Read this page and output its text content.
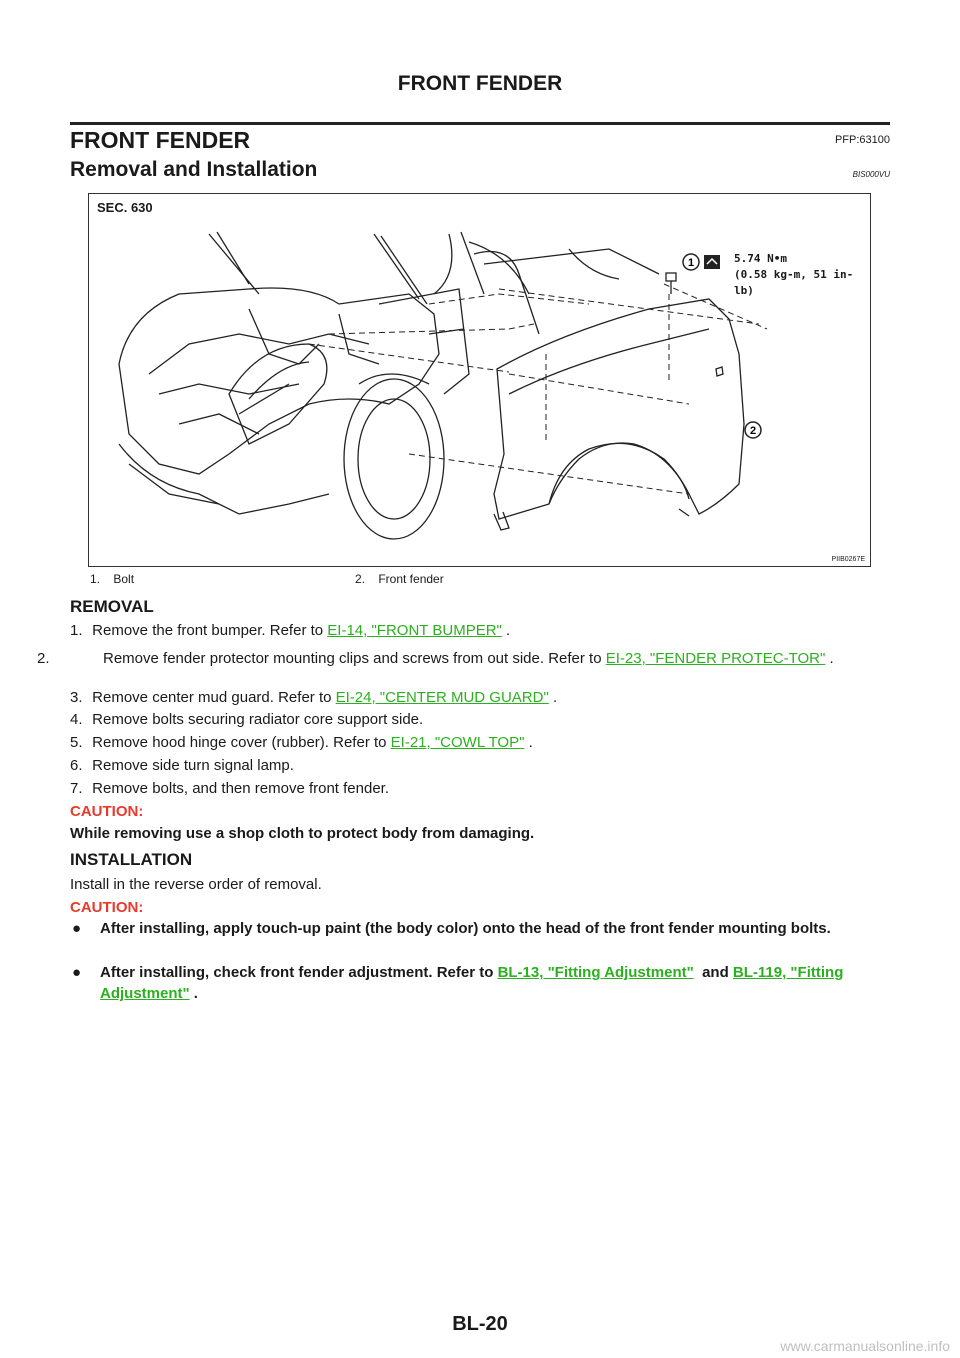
FRONT FENDER
FRONT FENDER	PFP:63100
Removal and Installation	BIS000VU
SEC. 630
1	5.74 N•m
(0.58 kg-m, 51 in-lb)
2
PIIB0267E
1.    Bolt	2.    Front fender
REMOVAL
1. Remove the front bumper. Refer to EI-14, "FRONT BUMPER" .
2.	Remove fender protector mounting clips and screws from out side. Refer to EI-23, "FENDER PROTEC-TOR" .
3. Remove center mud guard. Refer to EI-24, "CENTER MUD GUARD" .
4. Remove bolts securing radiator core support side.
5. Remove hood hinge cover (rubber). Refer to EI-21, "COWL TOP" .
6. Remove side turn signal lamp.
7. Remove bolts, and then remove front fender.
CAUTION:
While removing use a shop cloth to protect body from damaging.
INSTALLATION
Install in the reverse order of removal.
CAUTION:
● After installing, apply touch-up paint (the body color) onto the head of the front fender mounting bolts.
● After installing, check front fender adjustment. Refer to BL-13, "Fitting Adjustment"  and BL-119, "Fitting Adjustment" .
BL-20
www.carmanualsonline.info
